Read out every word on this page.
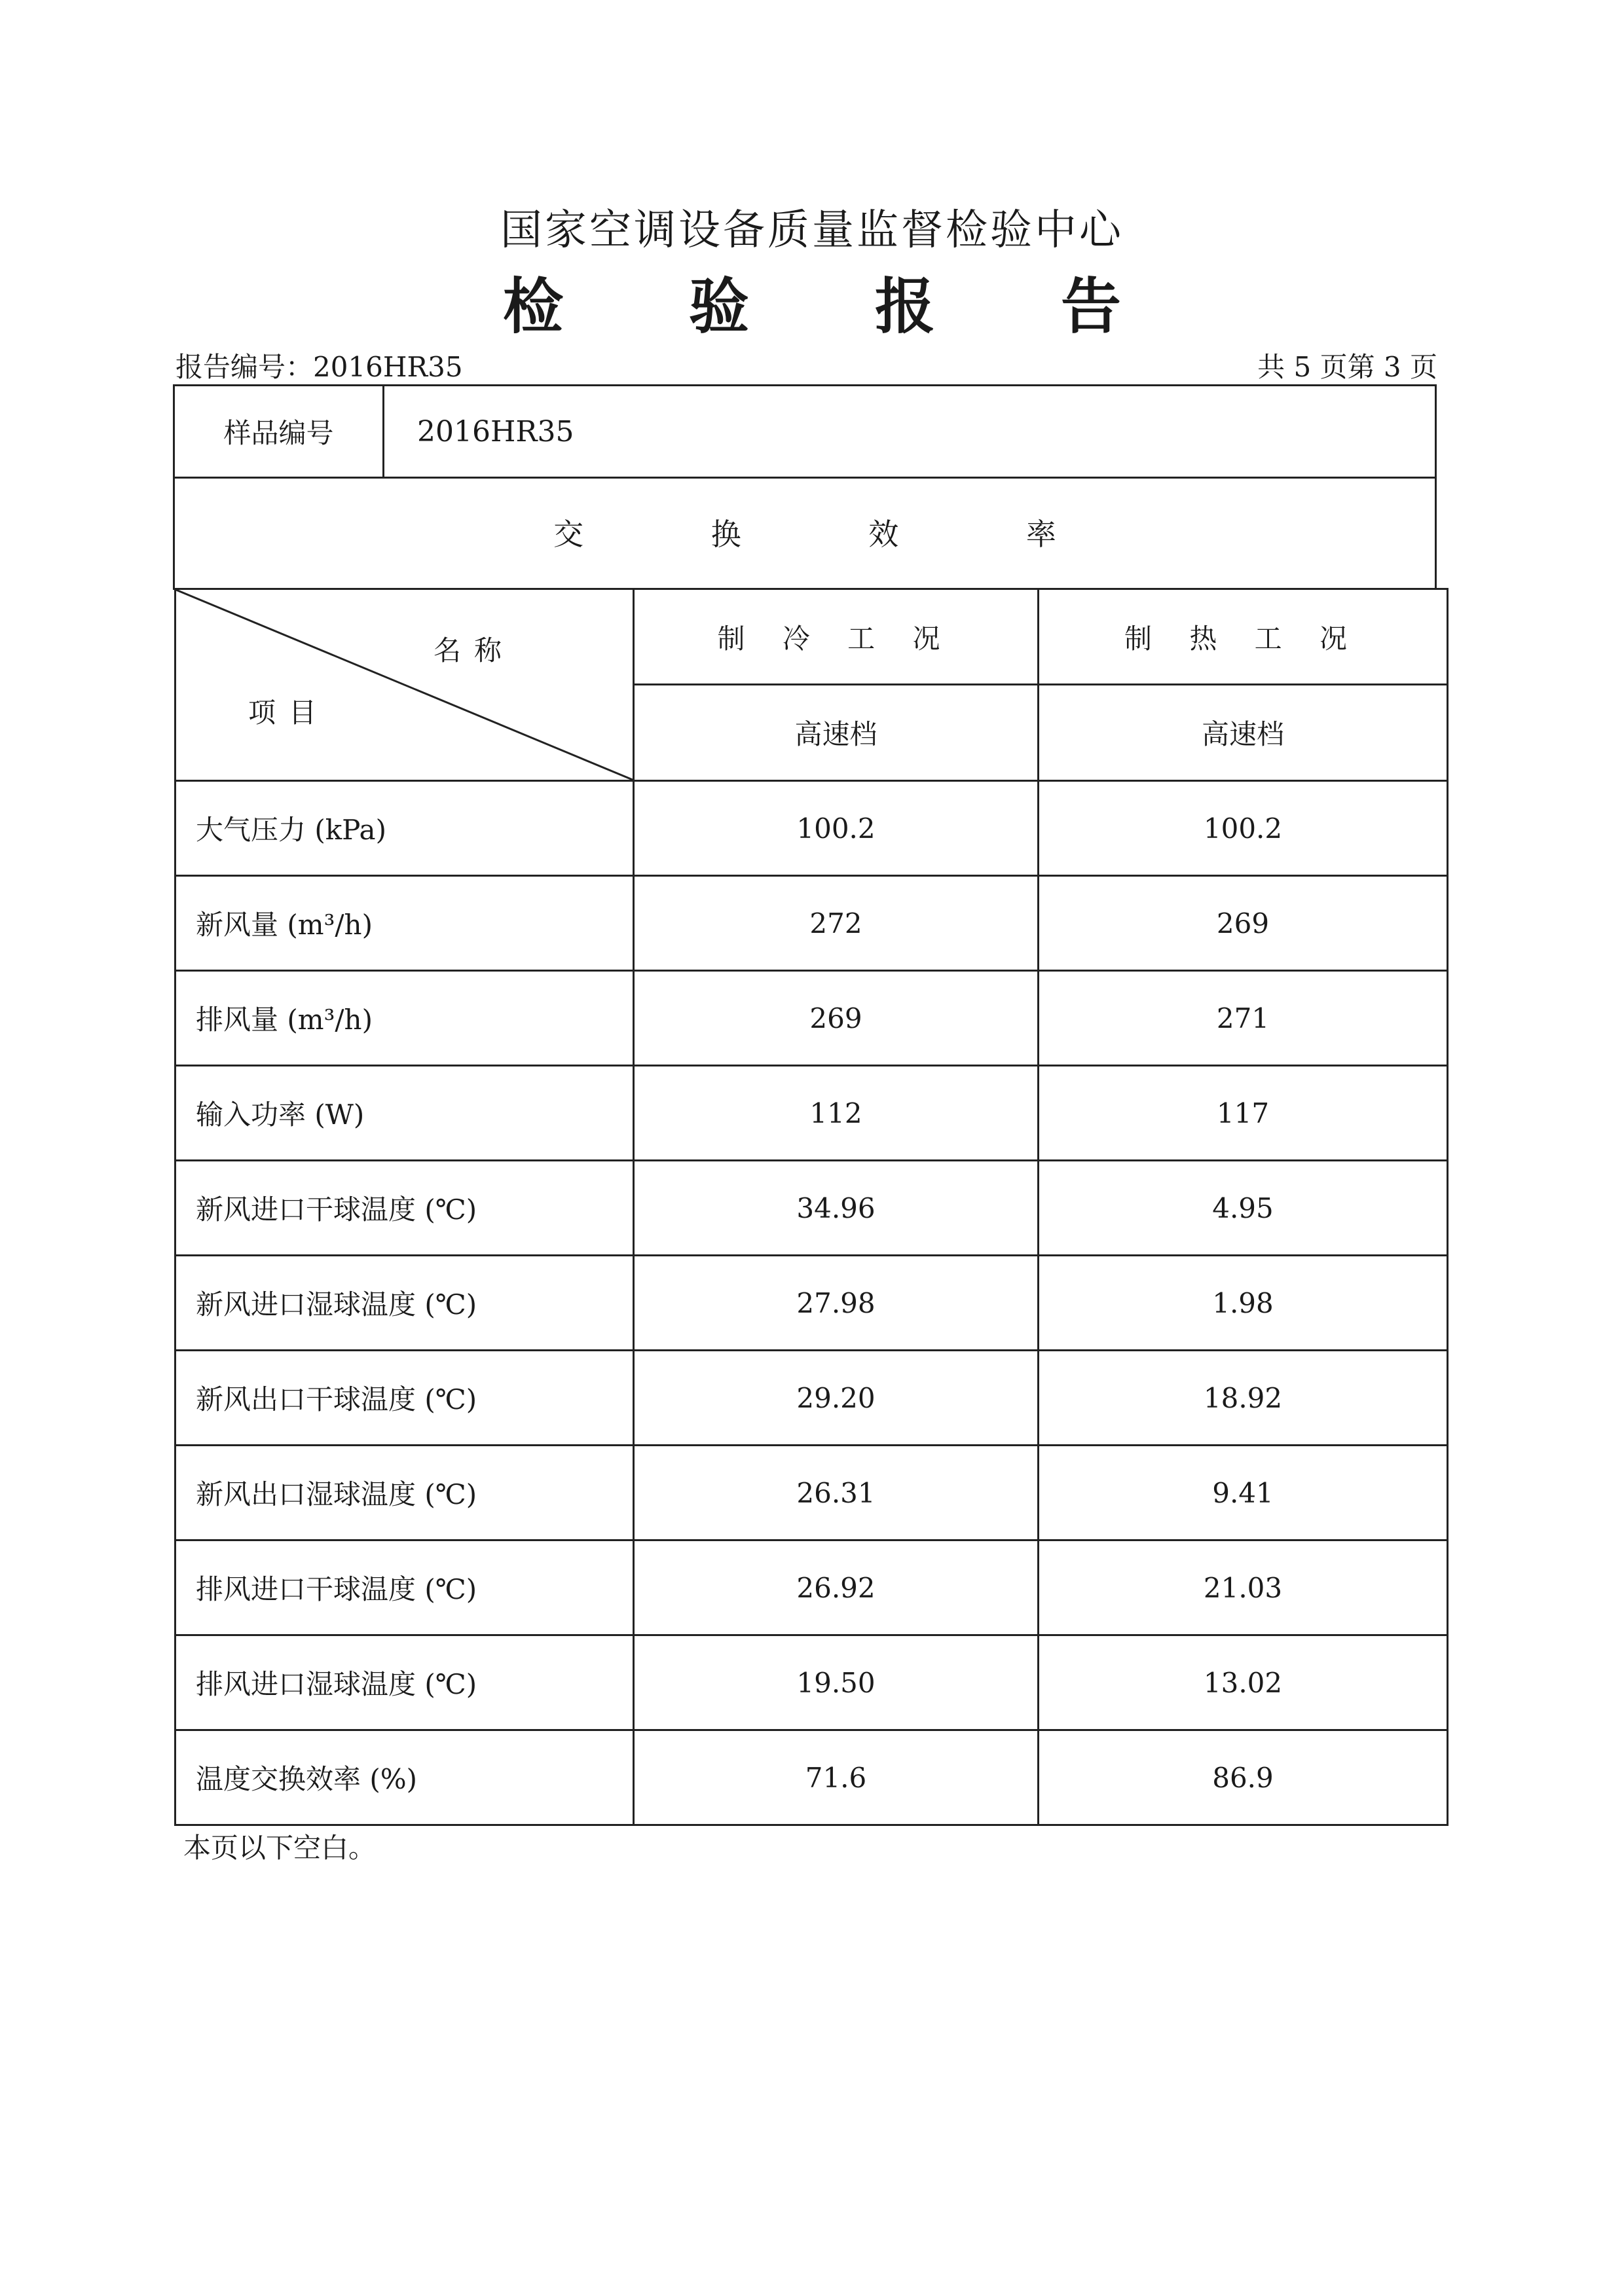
国家空调设备质量监督检验中心
检 验 报 告
报告编号：2016HR35	共 5 页第 3 页
样品编号	2016HR35
交 换 效 率
名称
项目	制 冷 工 况	制 热 工 况
	高速档	高速档
大气压力 (kPa)	100.2	100.2
新风量 (m³/h)	272	269
排风量 (m³/h)	269	271
输入功率 (W)	112	117
新风进口干球温度 (℃)	34.96	4.95
新风进口湿球温度 (℃)	27.98	1.98
新风出口干球温度 (℃)	29.20	18.92
新风出口湿球温度 (℃)	26.31	9.41
排风进口干球温度 (℃)	26.92	21.03
排风进口湿球温度 (℃)	19.50	13.02
温度交换效率 (%)	71.6	86.9
本页以下空白。
